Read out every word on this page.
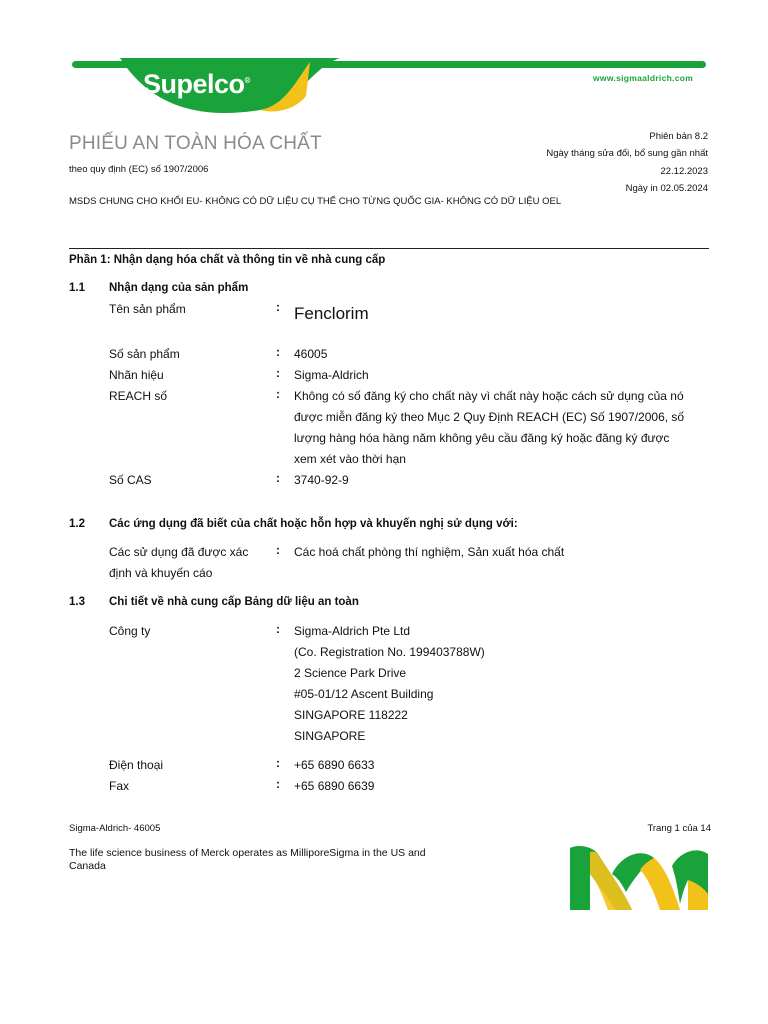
Supelco®	www.sigmaaldrich.com
PHIẾU AN TOÀN HÓA CHẤT
theo quy định (EC) số 1907/2006
MSDS CHUNG CHO KHỐI EU- KHÔNG CÓ DỮ LIỆU CỤ THỂ CHO TỪNG QUỐC GIA- KHÔNG CÓ DỮ LIỆU OEL
Phiên bản 8.2
Ngày tháng sửa đổi, bổ sung gần nhất
22.12.2023
Ngày in 02.05.2024
Phần 1: Nhận dạng hóa chất và thông tin về nhà cung cấp
1.1 Nhận dạng của sản phẩm
Tên sản phẩm	: Fenclorim
Số sản phẩm	: 46005
Nhãn hiệu	: Sigma-Aldrich
REACH số	: Không có số đăng ký cho chất này vì chất này hoặc cách sử dụng của nó
được miễn đăng ký theo Mục 2 Quy Định REACH (EC) Số 1907/2006, số
lượng hàng hóa hàng năm không yêu cầu đăng ký hoặc đăng ký được
xem xét vào thời hạn
Số CAS	: 3740-92-9
1.2 Các ứng dụng đã biết của chất hoặc hỗn hợp và khuyến nghị sử dụng với:
Các sử dụng đã được xác
định và khuyến cáo
: Các hoá chất phòng thí nghiệm, Sản xuất hóa chất
1.3 Chi tiết về nhà cung cấp Bảng dữ liệu an toàn
Công ty	: Sigma-Aldrich Pte Ltd
(Co. Registration No. 199403788W)
2 Science Park Drive
#05-01/12 Ascent Building
SINGAPORE 118222
SINGAPORE
Điện thoại	: +65 6890 6633
Fax	: +65 6890 6639
Sigma-Aldrich- 46005	Trang 1 của 14
The life science business of Merck operates as MilliporeSigma in the US and Canada
